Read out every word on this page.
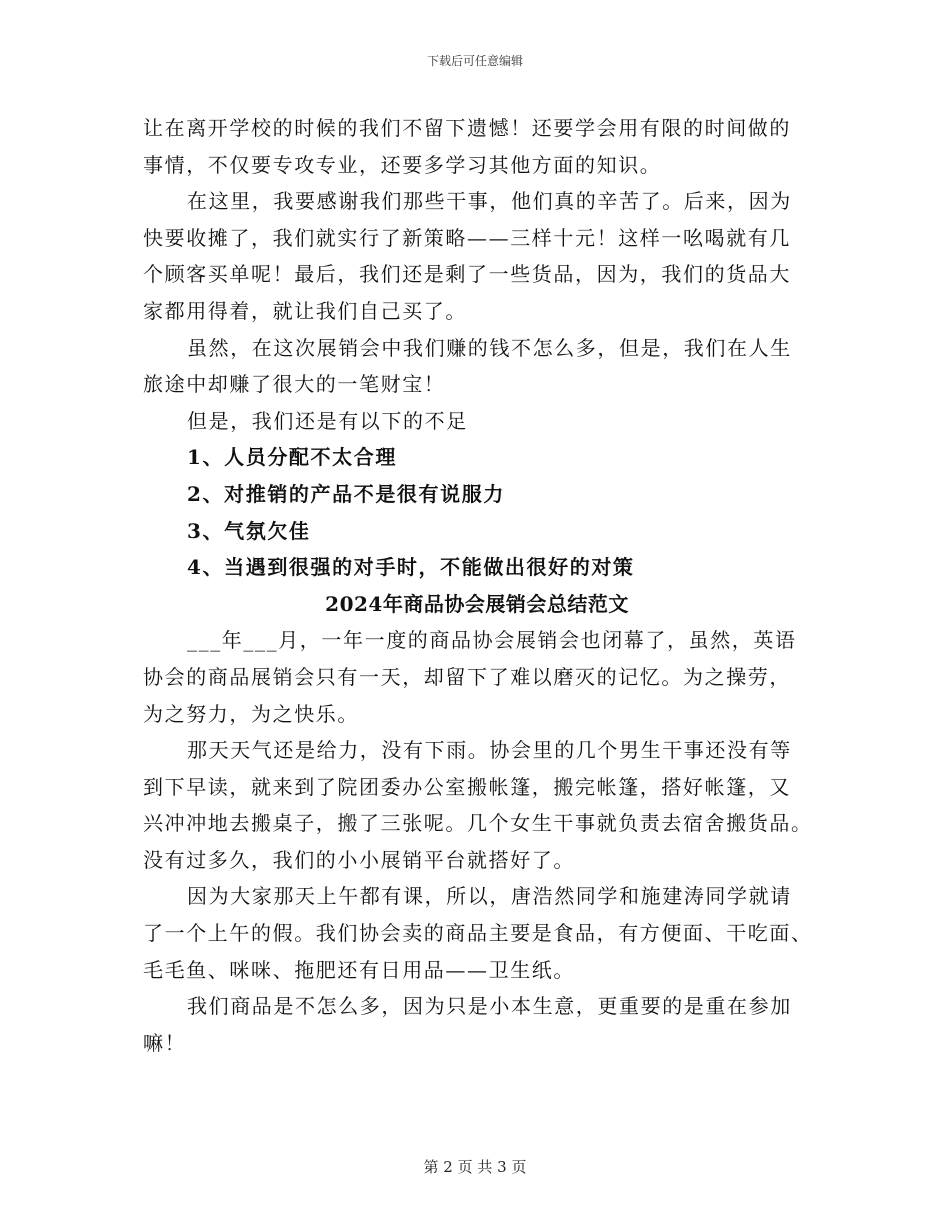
下载后可任意编辑
让在离开学校的时候的我们不留下遗憾！还要学会用有限的时间做的
事情，不仅要专攻专业，还要多学习其他方面的知识。
在这里，我要感谢我们那些干事，他们真的辛苦了。后来，因为
快要收摊了，我们就实行了新策略——三样十元！这样一吆喝就有几
个顾客买单呢！最后，我们还是剩了一些货品，因为，我们的货品大
家都用得着，就让我们自己买了。
虽然，在这次展销会中我们赚的钱不怎么多，但是，我们在人生
旅途中却赚了很大的一笔财宝！
但是，我们还是有以下的不足
1、人员分配不太合理
2、对推销的产品不是很有说服力
3、气氛欠佳
4、当遇到很强的对手时，不能做出很好的对策
2024年商品协会展销会总结范文
___年___月，一年一度的商品协会展销会也闭幕了，虽然，英语
协会的商品展销会只有一天，却留下了难以磨灭的记忆。为之操劳，
为之努力，为之快乐。
那天天气还是给力，没有下雨。协会里的几个男生干事还没有等
到下早读，就来到了院团委办公室搬帐篷，搬完帐篷，搭好帐篷，又
兴冲冲地去搬桌子，搬了三张呢。几个女生干事就负责去宿舍搬货品。
没有过多久，我们的小小展销平台就搭好了。
因为大家那天上午都有课，所以，唐浩然同学和施建涛同学就请
了一个上午的假。我们协会卖的商品主要是食品，有方便面、干吃面、
毛毛鱼、咪咪、拖肥还有日用品——卫生纸。
我们商品是不怎么多，因为只是小本生意，更重要的是重在参加
嘛！
第 2 页 共 3 页
